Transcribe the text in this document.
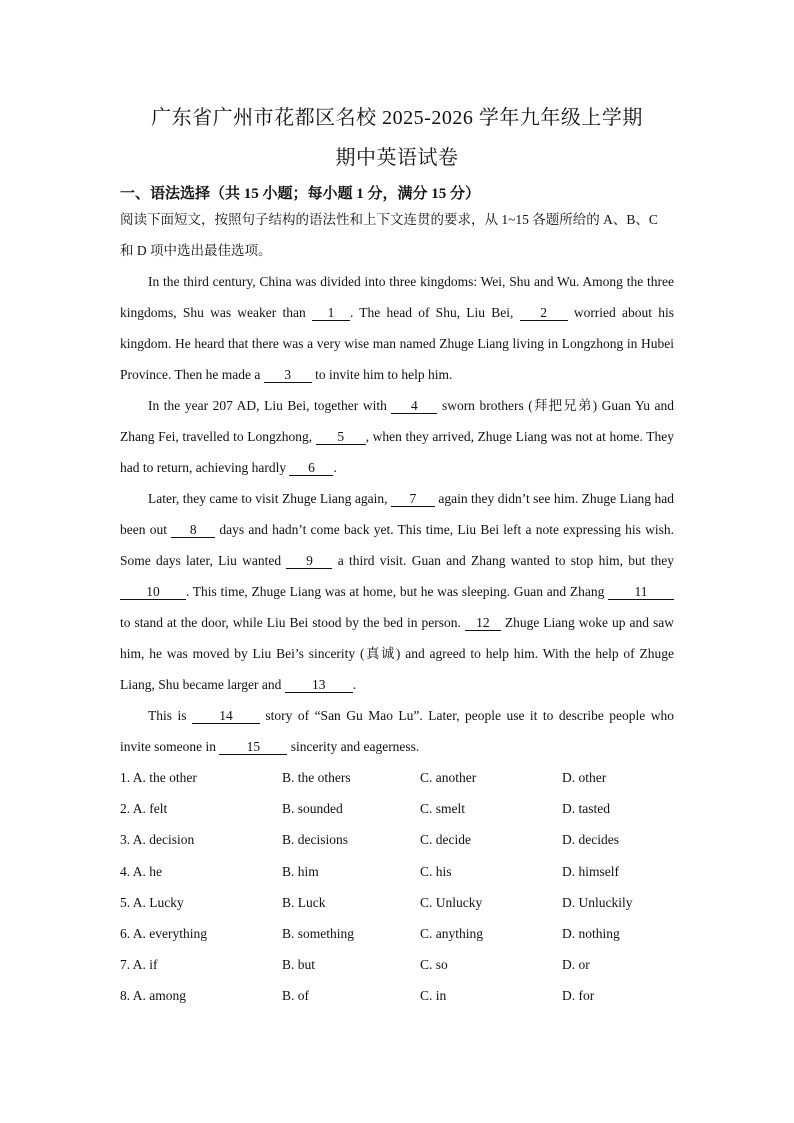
广东省广州市花都区名校 2025-2026 学年九年级上学期
期中英语试卷
一、语法选择（共 15 小题；每小题 1 分，满分 15 分）

阅读下面短文，按照句子结构的语法性和上下文连贯的要求，从 1~15 各题所给的 A、B、C 和 D 项中选出最佳选项。

In the third century, China was divided into three kingdoms: Wei, Shu and Wu. Among the three kingdoms, Shu was weaker than 1 . The head of Shu, Liu Bei, 2 worried about his kingdom. He heard that there was a very wise man named Zhuge Liang living in Longzhong in Hubei Province. Then he made a 3 to invite him to help him.

In the year 207 AD, Liu Bei, together with 4 sworn brothers (拜把兄弟) Guan Yu and Zhang Fei, travelled to Longzhong, 5 , when they arrived, Zhuge Liang was not at home. They had to return, achieving hardly 6 .

Later, they came to visit Zhuge Liang again, 7 again they didn’t see him. Zhuge Liang had been out 8 days and hadn’t come back yet. This time, Liu Bei left a note expressing his wish. Some days later, Liu wanted 9 a third visit. Guan and Zhang wanted to stop him, but they 10 . This time, Zhuge Liang was at home, but he was sleeping. Guan and Zhang 11 to stand at the door, while Liu Bei stood by the bed in person. 12 Zhuge Liang woke up and saw him, he was moved by Liu Bei’s sincerity (真诚) and agreed to help him. With the help of Zhuge Liang, Shu became larger and 13 .

This is 14 story of “San Gu Mao Lu”. Later, people use it to describe people who invite someone in 15 sincerity and eagerness.

1. A. the other	B. the others	C. another	D. other
2. A. felt	B. sounded	C. smelt	D. tasted
3. A. decision	B. decisions	C. decide	D. decides
4. A. he	B. him	C. his	D. himself
5. A. Lucky	B. Luck	C. Unlucky	D. Unluckily
6. A. everything	B. something	C. anything	D. nothing
7. A. if	B. but	C. so	D. or
8. A. among	B. of	C. in	D. for
